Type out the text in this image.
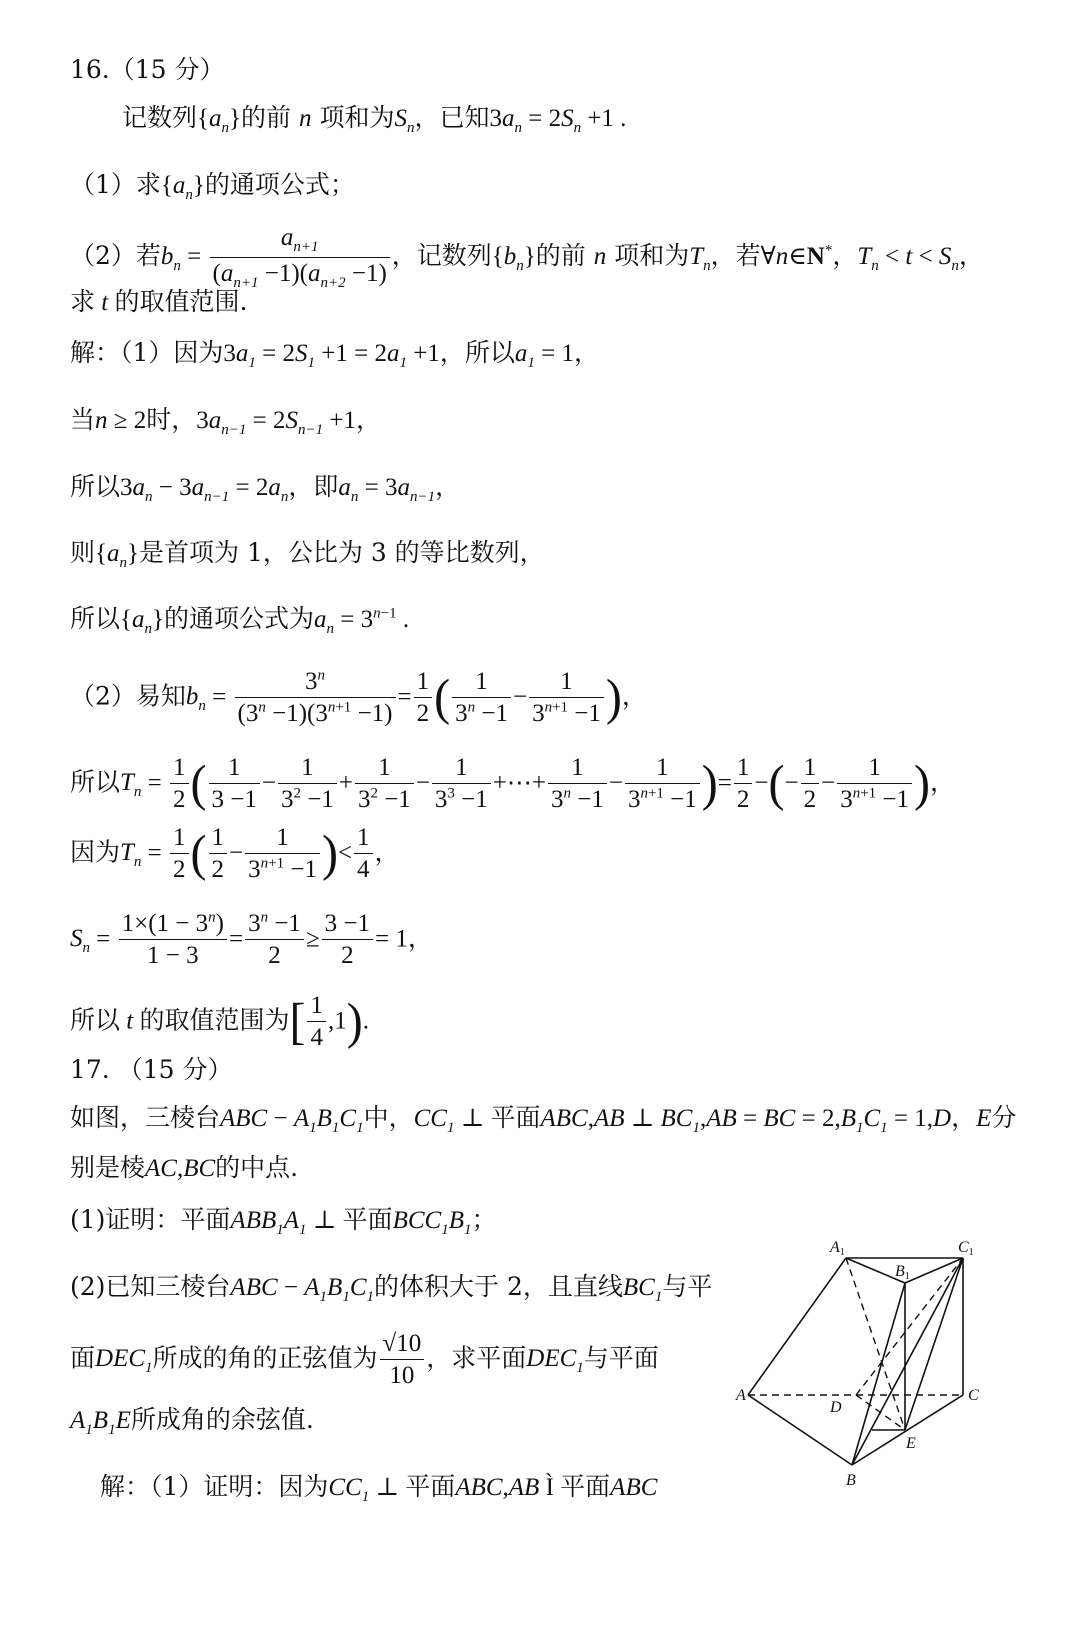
16.（15 分）
记数列$\{a_n\}$的前 n 项和为$S_n$，已知$3a_n = 2S_n +1$ .
（1）求$\{a_n\}$的通项公式；
（2）若$b_n = \frac{a_{n+1}}{(a_{n+1} -1)(a_{n+2} -1)}$ ，记数列$\{b_n\}$的前 n 项和为$T_n$，若∀n∈N*，$T_n < t < S_n$，
求 t 的取值范围.
解：（1）因为$3a_1 = 2S_1 +1 = 2a_1 +1$，所以$a_1 = 1$，
当n ≥ 2时，$3a_{n-1} = 2S_{n-1} +1$，
所以$3a_n - 3a_{n-1} = 2a_n$，即$a_n = 3a_{n-1}$，
则$\{a_n\}$是首项为 1，公比为 3 的等比数列，
所以$\{a_n\}$的通项公式为$a_n = 3^{n-1}$ .
（2）易知$b_n = \frac{3^n}{(3^n -1)(3^{n+1} -1)} = \frac{1}{2}$ ( $\frac{1}{3^n -1} - \frac{1}{3^{n+1} -1}$ )，
所以$T_n = \frac{1}{2}$ ( $\frac{1}{3 -1} - \frac{1}{3^2 -1} + \frac{1}{3^2 -1} - \frac{1}{3^3 -1}$ +⋯+ $\frac{1}{3^n -1} - \frac{1}{3^{n+1} -1}$ )= $\frac{1}{2}$ −(− $\frac{1}{2} - \frac{1}{3^{n+1} -1}$ )，
因为$T_n = \frac{1}{2}$ ( $\frac{1}{2} - \frac{1}{3^{n+1} -1}$ )< $\frac{1}{4}$ ，
$S_n = \frac{1\times(1 - 3^n)}{1 - 3} = \frac{3^n -1}{2} \ge \frac{3 -1}{2} = 1$，
所以 t 的取值范围为[ $\frac{1}{4} ,1$).
17. （15 分）
如图，三棱台ABC − $A_1B_1C_1$中，$CC_1$ ⊥ 平面ABC,AB ⊥ $BC_1,AB$ = BC = $2,B_1C_1 = 1,D$，E分
别是棱AC,BC的中点.
(1)证明：平面$ABB_1A_1$ ⊥ 平面$BCC_1B_1$；
(2)已知三棱台ABC − $A_1B_1C_1$的体积大于 2，且直线$BC_1$与平
面$DEC_1$所成的角的正弦值为 $\frac{√10}{10}$ ，求平面$DEC_1$与平面
$A_1B_1E$所成角的余弦值.
解：（1）证明：因为$CC_1$ ⊥ 平面ABC,AB Ì 平面ABC
A1	C1
B1
A	C
D
E
B
